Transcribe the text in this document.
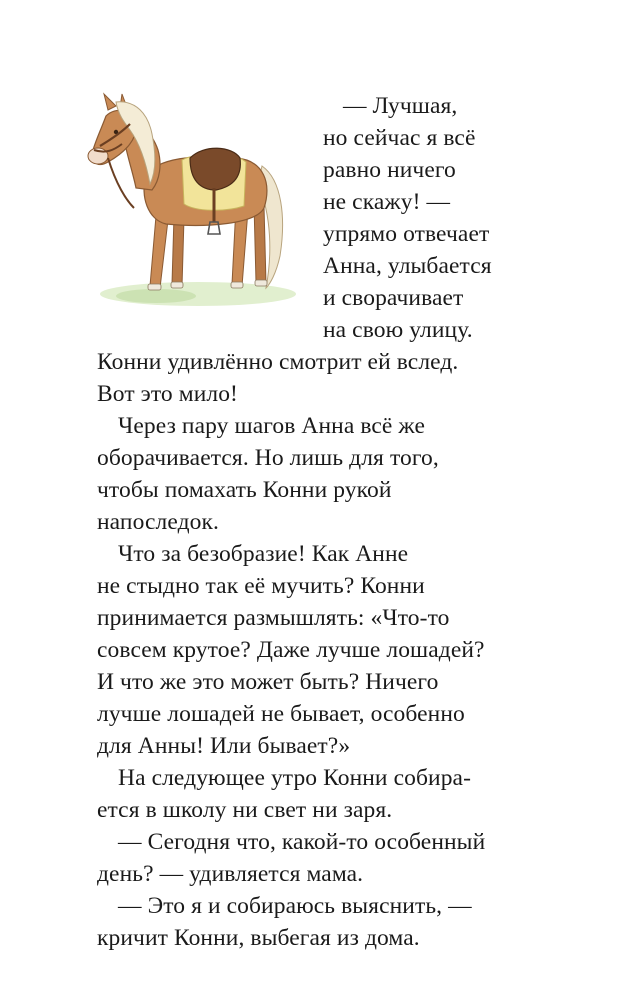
— Лучшая,
но сейчас я всё
равно ничего
не скажу! —
упрямо отвечает
Анна, улыбается
и сворачивает
на свою улицу.
Конни удивлённо смотрит ей вслед.
Вот это мило!
Через пару шагов Анна всё же
оборачивается. Но лишь для того,
чтобы помахать Конни рукой
напоследок.
Что за безобразие! Как Анне
не стыдно так её мучить? Конни
принимается размышлять: «Что-то
совсем крутое? Даже лучше лошадей?
И что же это может быть? Ничего
лучше лошадей не бывает, особенно
для Анны! Или бывает?»
На следующее утро Конни собира-
ется в школу ни свет ни заря.
— Сегодня что, какой-то особенный
день? — удивляется мама.
— Это я и собираюсь выяснить, —
кричит Конни, выбегая из дома.
